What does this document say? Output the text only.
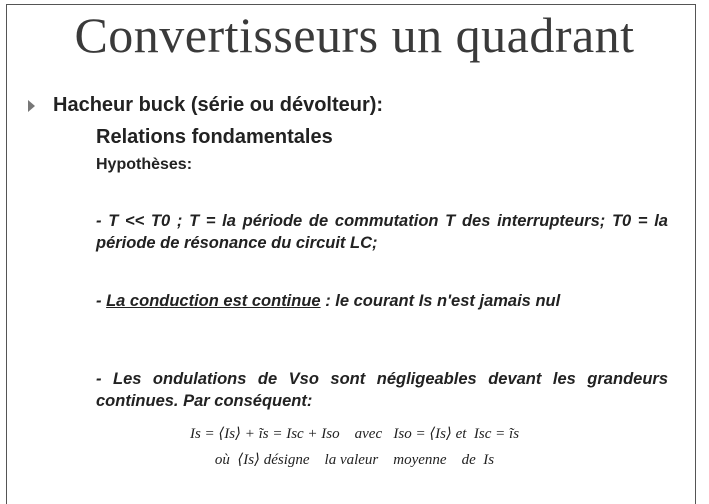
Convertisseurs un quadrant
Hacheur buck (série ou dévolteur):
Relations fondamentales
Hypothèses:
- T << T0 ; T = la période de commutation T des interrupteurs; T0 = la période de résonance du circuit LC;
- La conduction est continue : le courant Is n'est jamais nul
- Les ondulations de Vso sont négligeables devant les grandeurs continues. Par conséquent:
Is = ⟨Is⟩ + ĩs = Isc + Iso    avec   Iso = ⟨Is⟩ et  Isc = ĩs
où  ⟨Is⟩ désigne    la valeur    moyenne    de  Is
